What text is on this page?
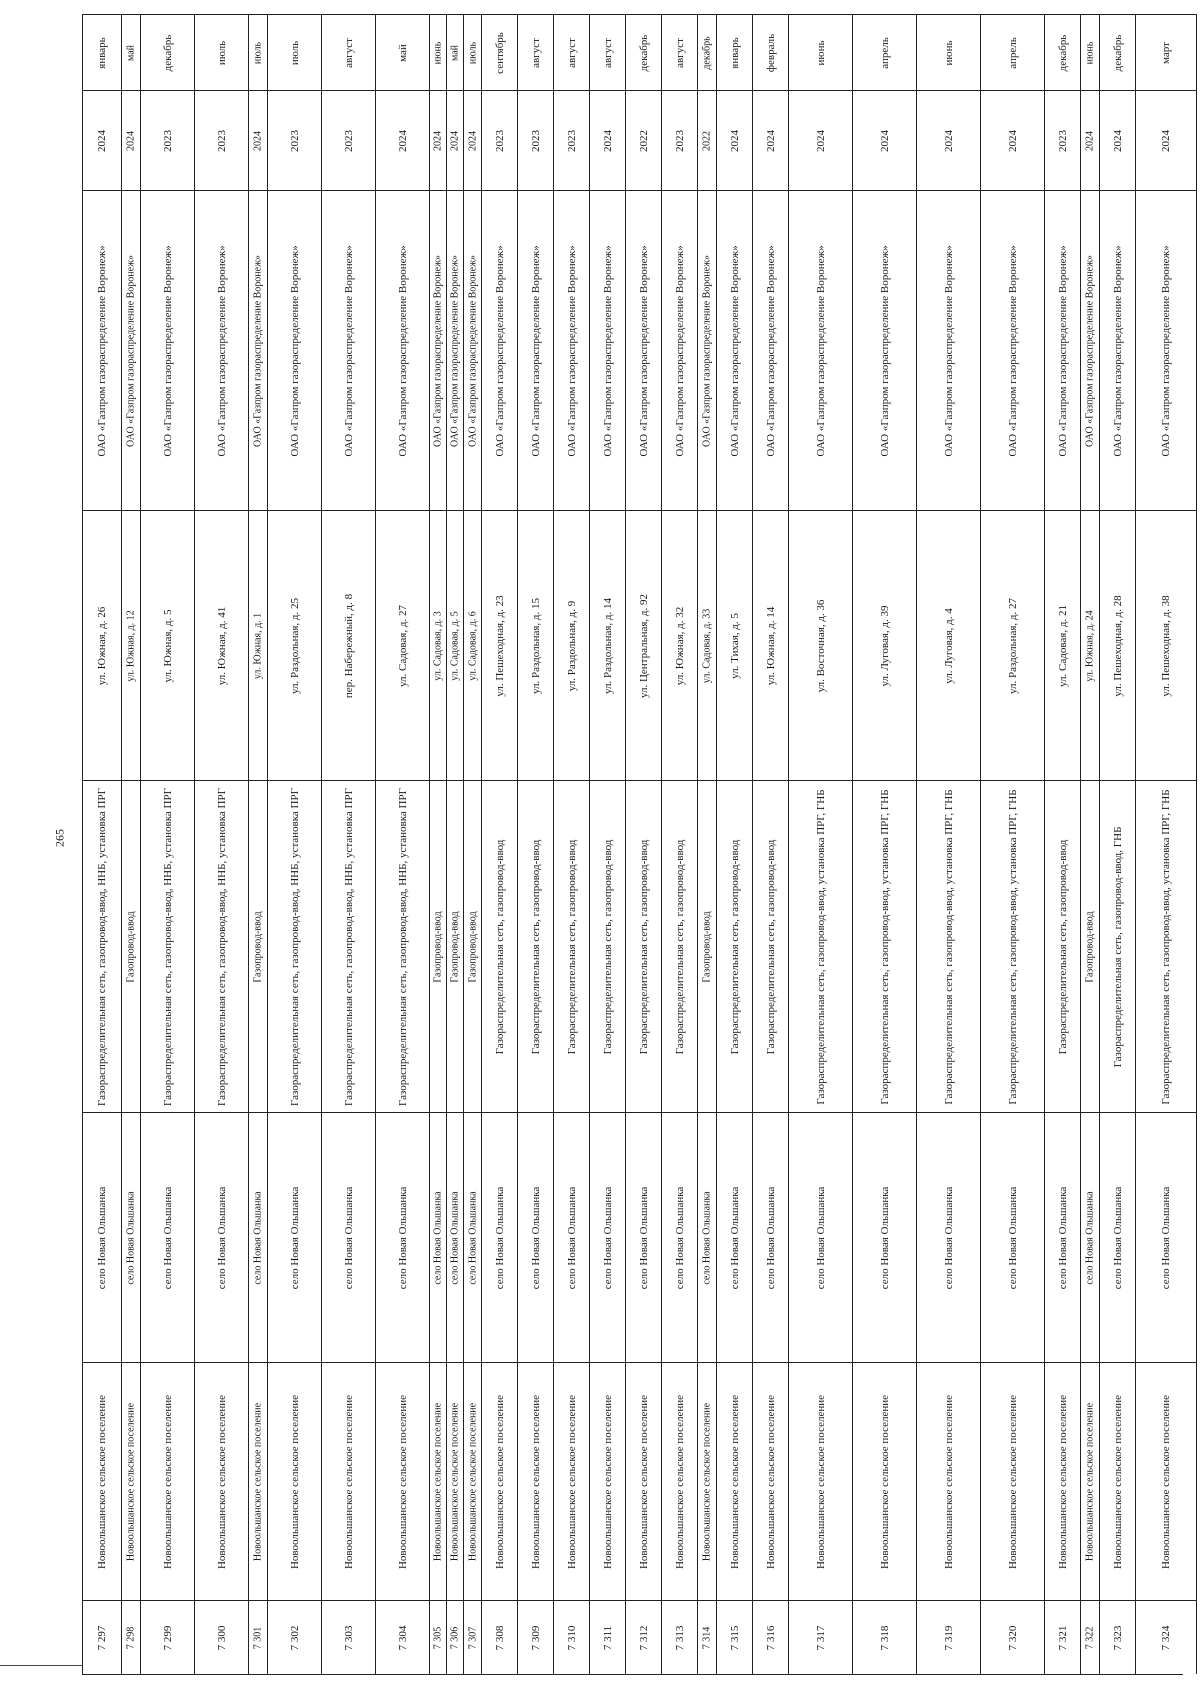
265
7 297
Новоольшанское сельское поселение
село Новая Ольшанка
Газораспределительная сеть, газопровод-ввод, ННБ, установка ПРГ
ул. Южная, д. 26
ОАО «Газпром газораспределение Воронеж»
2024
январь
7 298
Новоольшанское сельское поселение
село Новая Ольшанка
Газопровод-ввод
ул. Южная, д. 12
ОАО «Газпром газораспределение Воронеж»
2024
май
7 299
Новоольшанское сельское поселение
село Новая Ольшанка
Газораспределительная сеть, газопровод-ввод, ННБ, установка ПРГ
ул. Южная, д. 5
ОАО «Газпром газораспределение Воронеж»
2023
декабрь
7 300
Новоольшанское сельское поселение
село Новая Ольшанка
Газораспределительная сеть, газопровод-ввод, ННБ, установка ПРГ
ул. Южная, д. 41
ОАО «Газпром газораспределение Воронеж»
2023
июль
7 301
Новоольшанское сельское поселение
село Новая Ольшанка
Газопровод-ввод
ул. Южная, д. 1
ОАО «Газпром газораспределение Воронеж»
2024
июль
7 302
Новоольшанское сельское поселение
село Новая Ольшанка
Газораспределительная сеть, газопровод-ввод, ННБ, установка ПРГ
ул. Раздольная, д. 25
ОАО «Газпром газораспределение Воронеж»
2023
июль
7 303
Новоольшанское сельское поселение
село Новая Ольшанка
Газораспределительная сеть, газопровод-ввод, ННБ, установка ПРГ
пер. Набережный, д. 8
ОАО «Газпром газораспределение Воронеж»
2023
август
7 304
Новоольшанское сельское поселение
село Новая Ольшанка
Газораспределительная сеть, газопровод-ввод, ННБ, установка ПРГ
ул. Садовая, д. 27
ОАО «Газпром газораспределение Воронеж»
2024
май
7 305
Новоольшанское сельское поселение
село Новая Ольшанка
Газопровод-ввод
ул. Садовая, д. 3
ОАО «Газпром газораспределение Воронеж»
2024
июнь
7 306
Новоольшанское сельское поселение
село Новая Ольшанка
Газопровод-ввод
ул. Садовая, д. 5
ОАО «Газпром газораспределение Воронеж»
2024
май
7 307
Новоольшанское сельское поселение
село Новая Ольшанка
Газопровод-ввод
ул. Садовая, д. 6
ОАО «Газпром газораспределение Воронеж»
2024
июль
7 308
Новоольшанское сельское поселение
село Новая Ольшанка
Газораспределительная сеть, газопровод-ввод
ул. Пешеходная, д. 23
ОАО «Газпром газораспределение Воронеж»
2023
сентябрь
7 309
Новоольшанское сельское поселение
село Новая Ольшанка
Газораспределительная сеть, газопровод-ввод
ул. Раздольная, д. 15
ОАО «Газпром газораспределение Воронеж»
2023
август
7 310
Новоольшанское сельское поселение
село Новая Ольшанка
Газораспределительная сеть, газопровод-ввод
ул. Раздольная, д. 9
ОАО «Газпром газораспределение Воронеж»
2023
август
7 311
Новоольшанское сельское поселение
село Новая Ольшанка
Газораспределительная сеть, газопровод-ввод
ул. Раздольная, д. 14
ОАО «Газпром газораспределение Воронеж»
2024
август
7 312
Новоольшанское сельское поселение
село Новая Ольшанка
Газораспределительная сеть, газопровод-ввод
ул. Центральная, д. 92
ОАО «Газпром газораспределение Воронеж»
2022
декабрь
7 313
Новоольшанское сельское поселение
село Новая Ольшанка
Газораспределительная сеть, газопровод-ввод
ул. Южная, д. 32
ОАО «Газпром газораспределение Воронеж»
2023
август
7 314
Новоольшанское сельское поселение
село Новая Ольшанка
Газопровод-ввод
ул. Садовая, д. 33
ОАО «Газпром газораспределение Воронеж»
2022
декабрь
7 315
Новоольшанское сельское поселение
село Новая Ольшанка
Газораспределительная сеть, газопровод-ввод
ул. Тихая, д. 5
ОАО «Газпром газораспределение Воронеж»
2024
январь
7 316
Новоольшанское сельское поселение
село Новая Ольшанка
Газораспределительная сеть, газопровод-ввод
ул. Южная, д. 14
ОАО «Газпром газораспределение Воронеж»
2024
февраль
7 317
Новоольшанское сельское поселение
село Новая Ольшанка
Газораспределительная сеть, газопровод-ввод, установка ПРГ, ГНБ
ул. Восточная, д. 36
ОАО «Газпром газораспределение Воронеж»
2024
июнь
7 318
Новоольшанское сельское поселение
село Новая Ольшанка
Газораспределительная сеть, газопровод-ввод, установка ПРГ, ГНБ
ул. Луговая, д. 39
ОАО «Газпром газораспределение Воронеж»
2024
апрель
7 319
Новоольшанское сельское поселение
село Новая Ольшанка
Газораспределительная сеть, газопровод-ввод, установка ПРГ, ГНБ
ул. Луговая, д. 4
ОАО «Газпром газораспределение Воронеж»
2024
июнь
7 320
Новоольшанское сельское поселение
село Новая Ольшанка
Газораспределительная сеть, газопровод-ввод, установка ПРГ, ГНБ
ул. Раздольная, д. 27
ОАО «Газпром газораспределение Воронеж»
2024
апрель
7 321
Новоольшанское сельское поселение
село Новая Ольшанка
Газораспределительная сеть, газопровод-ввод
ул. Садовая, д. 21
ОАО «Газпром газораспределение Воронеж»
2023
декабрь
7 322
Новоольшанское сельское поселение
село Новая Ольшанка
Газопровод-ввод
ул. Южная, д. 24
ОАО «Газпром газораспределение Воронеж»
2024
июнь
7 323
Новоольшанское сельское поселение
село Новая Ольшанка
Газораспределительная сеть, газопровод-ввод, ГНБ
ул. Пешеходная, д. 28
ОАО «Газпром газораспределение Воронеж»
2024
декабрь
7 324
Новоольшанское сельское поселение
село Новая Ольшанка
Газораспределительная сеть, газопровод-ввод, установка ПРГ, ГНБ
ул. Пешеходная, д. 38
ОАО «Газпром газораспределение Воронеж»
2024
март
